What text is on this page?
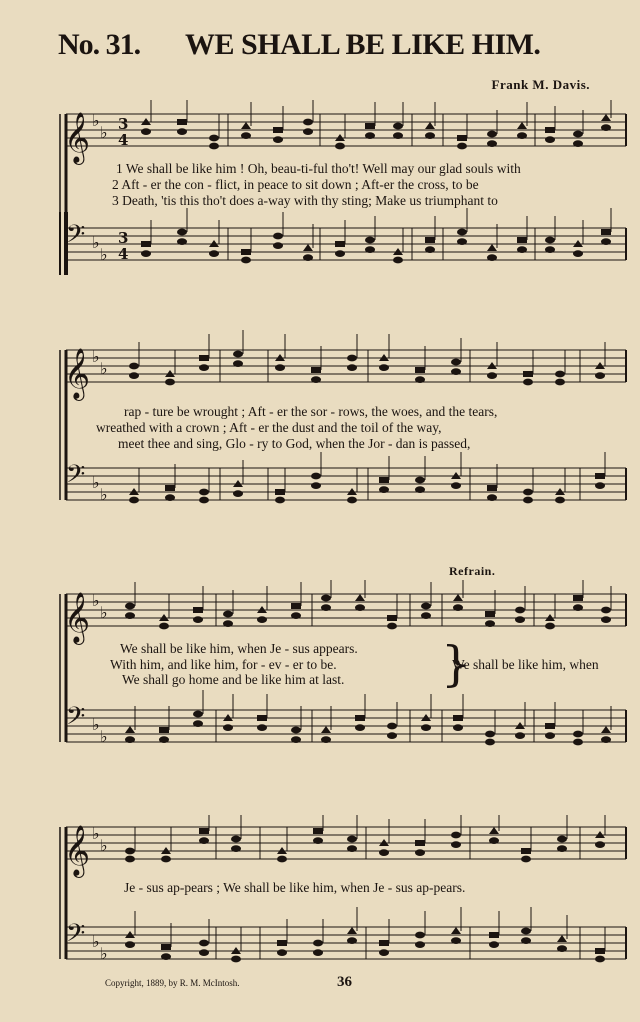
No. 31. WE SHALL BE LIKE HIM.
Frank M. Davis.
𝄞 ♭
♭
𝄢 ♭
♭
3
4
3
4
𝄞 ♭
♭
𝄢 ♭
♭
𝄞 ♭
♭
𝄢 ♭
♭
𝄞 ♭
♭
𝄢 ♭
♭
1 We shall be like him ! Oh, beau-ti-ful tho't! Well may our glad souls with
2 Aft - er the con - flict, in peace to sit down ; Aft-er the cross, to be
3 Death, 'tis this tho't does a-way with thy sting; Make us triumphant to
rap - ture be wrought ; Aft - er the sor - rows, the woes, and the tears,
wreathed with a crown ; Aft - er the dust and the toil of the way,
meet thee and sing, Glo - ry to God, when the Jor - dan is passed,
Refrain.
We shall be like him, when Je - sus appears.
With him, and like him, for - ev - er to be.
We shall go home and be like him at last. }
We shall be like him, when
Je - sus ap-pears ; We shall be like him, when Je - sus ap-pears.
Copyright, 1889, by R. M. McIntosh.	36
